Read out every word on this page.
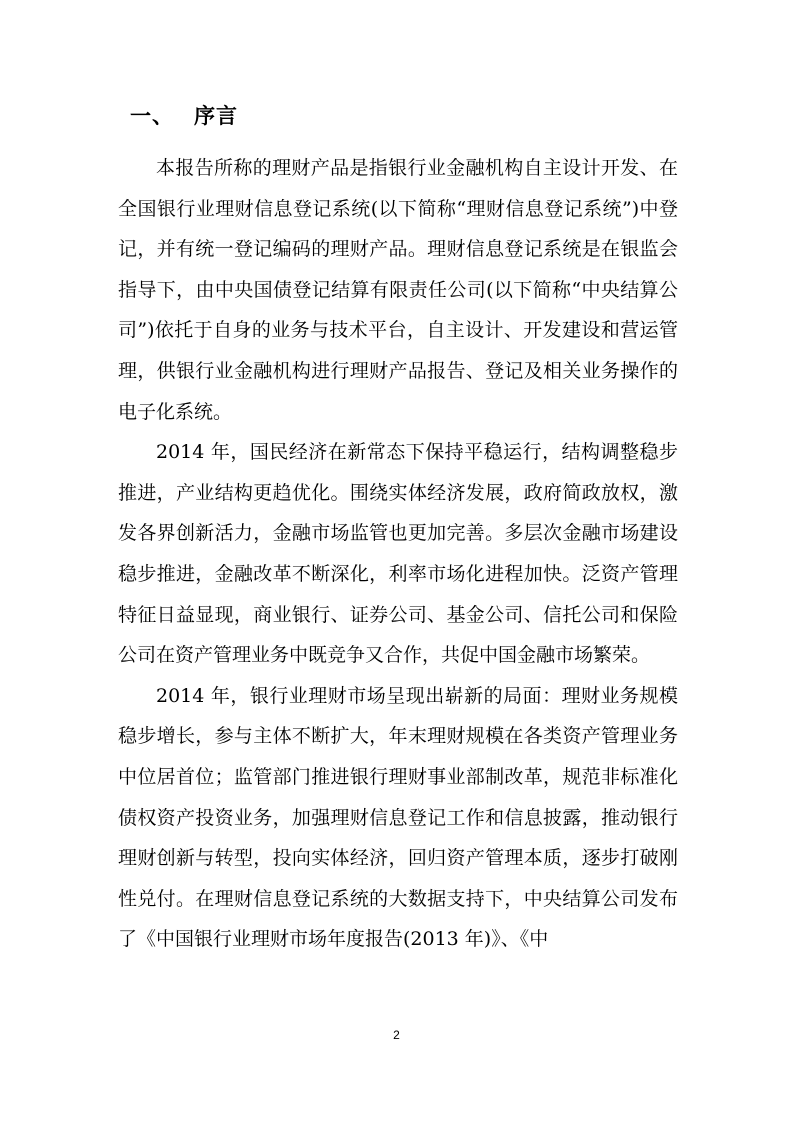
一、 序言

本报告所称的理财产品是指银行业金融机构自主设计开发、在全国银行业理财信息登记系统(以下简称“理财信息登记系统”)中登记，并有统一登记编码的理财产品。理财信息登记系统是在银监会指导下，由中央国债登记结算有限责任公司(以下简称“中央结算公司”)依托于自身的业务与技术平台，自主设计、开发建设和营运管理，供银行业金融机构进行理财产品报告、登记及相关业务操作的电子化系统。

2014 年，国民经济在新常态下保持平稳运行，结构调整稳步推进，产业结构更趋优化。围绕实体经济发展，政府简政放权，激发各界创新活力，金融市场监管也更加完善。多层次金融市场建设稳步推进，金融改革不断深化，利率市场化进程加快。泛资产管理特征日益显现，商业银行、证券公司、基金公司、信托公司和保险公司在资产管理业务中既竞争又合作，共促中国金融市场繁荣。

2014 年，银行业理财市场呈现出崭新的局面：理财业务规模稳步增长，参与主体不断扩大，年末理财规模在各类资产管理业务中位居首位；监管部门推进银行理财事业部制改革，规范非标准化债权资产投资业务，加强理财信息登记工作和信息披露，推动银行理财创新与转型，投向实体经济，回归资产管理本质，逐步打破刚性兑付。在理财信息登记系统的大数据支持下，中央结算公司发布了《中国银行业理财市场年度报告(2013 年)》、《中

2
